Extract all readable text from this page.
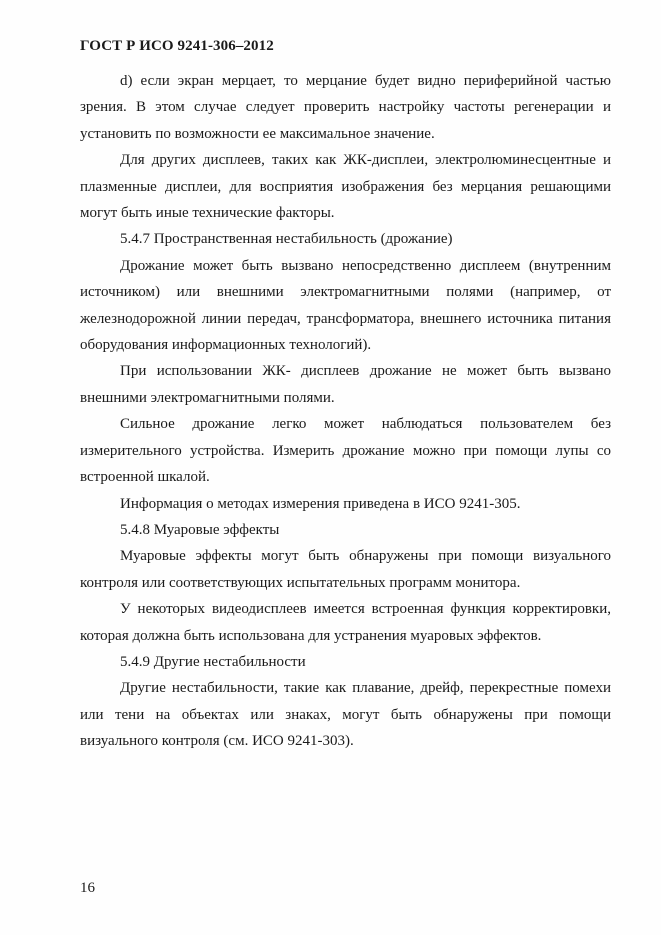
ГОСТ Р ИСО 9241-306–2012

d) если экран мерцает, то мерцание будет видно периферийной частью зрения. В этом случае следует проверить настройку частоты регенерации и установить по возможности ее максимальное значение.

Для других дисплеев, таких как ЖК-дисплеи, электролюминесцентные и плазменные дисплеи, для восприятия изображения без мерцания решающими могут быть иные технические факторы.

5.4.7 Пространственная нестабильность (дрожание)

Дрожание может быть вызвано непосредственно дисплеем (внутренним источником) или внешними электромагнитными полями (например, от железнодорожной линии передач, трансформатора, внешнего источника питания оборудования информационных технологий).

При использовании ЖК- дисплеев дрожание не может быть вызвано внешними электромагнитными полями.

Сильное дрожание легко может наблюдаться пользователем без измерительного устройства. Измерить дрожание можно при помощи лупы со встроенной шкалой.

Информация о методах измерения приведена в ИСО 9241-305.

5.4.8 Муаровые эффекты

Муаровые эффекты могут быть обнаружены при помощи визуального контроля или соответствующих испытательных программ монитора.

У некоторых видеодисплеев имеется встроенная функция корректировки, которая должна быть использована для устранения муаровых эффектов.

5.4.9 Другие нестабильности

Другие нестабильности, такие как плавание, дрейф, перекрестные помехи или тени на объектах или знаках, могут быть обнаружены при помощи визуального контроля (см. ИСО 9241-303).

16
